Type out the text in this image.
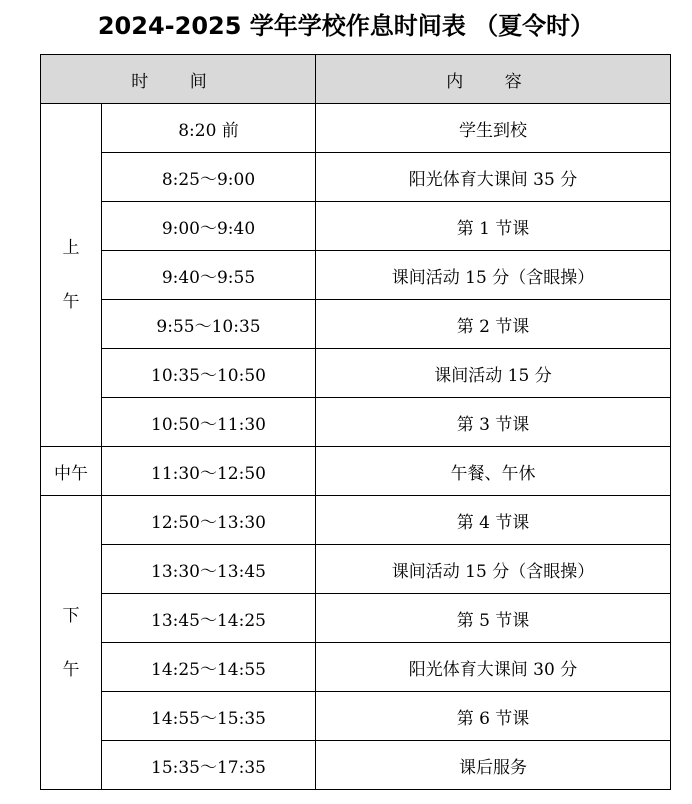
2024-2025 学年学校作息时间表 （夏令时）
时 间		内 容
上午	8:20 前	学生到校
	8:25～9:00	阳光体育大课间 35 分
	9:00～9:40	第 1 节课
	9:40～9:55	课间活动 15 分（含眼操）
	9:55～10:35	第 2 节课
	10:35～10:50	课间活动 15 分
	10:50～11:30	第 3 节课
中午	11:30～12:50	午餐、午休
下午	12:50～13:30	第 4 节课
	13:30～13:45	课间活动 15 分（含眼操）
	13:45～14:25	第 5 节课
	14:25～14:55	阳光体育大课间 30 分
	14:55～15:35	第 6 节课
	15:35～17:35	课后服务
